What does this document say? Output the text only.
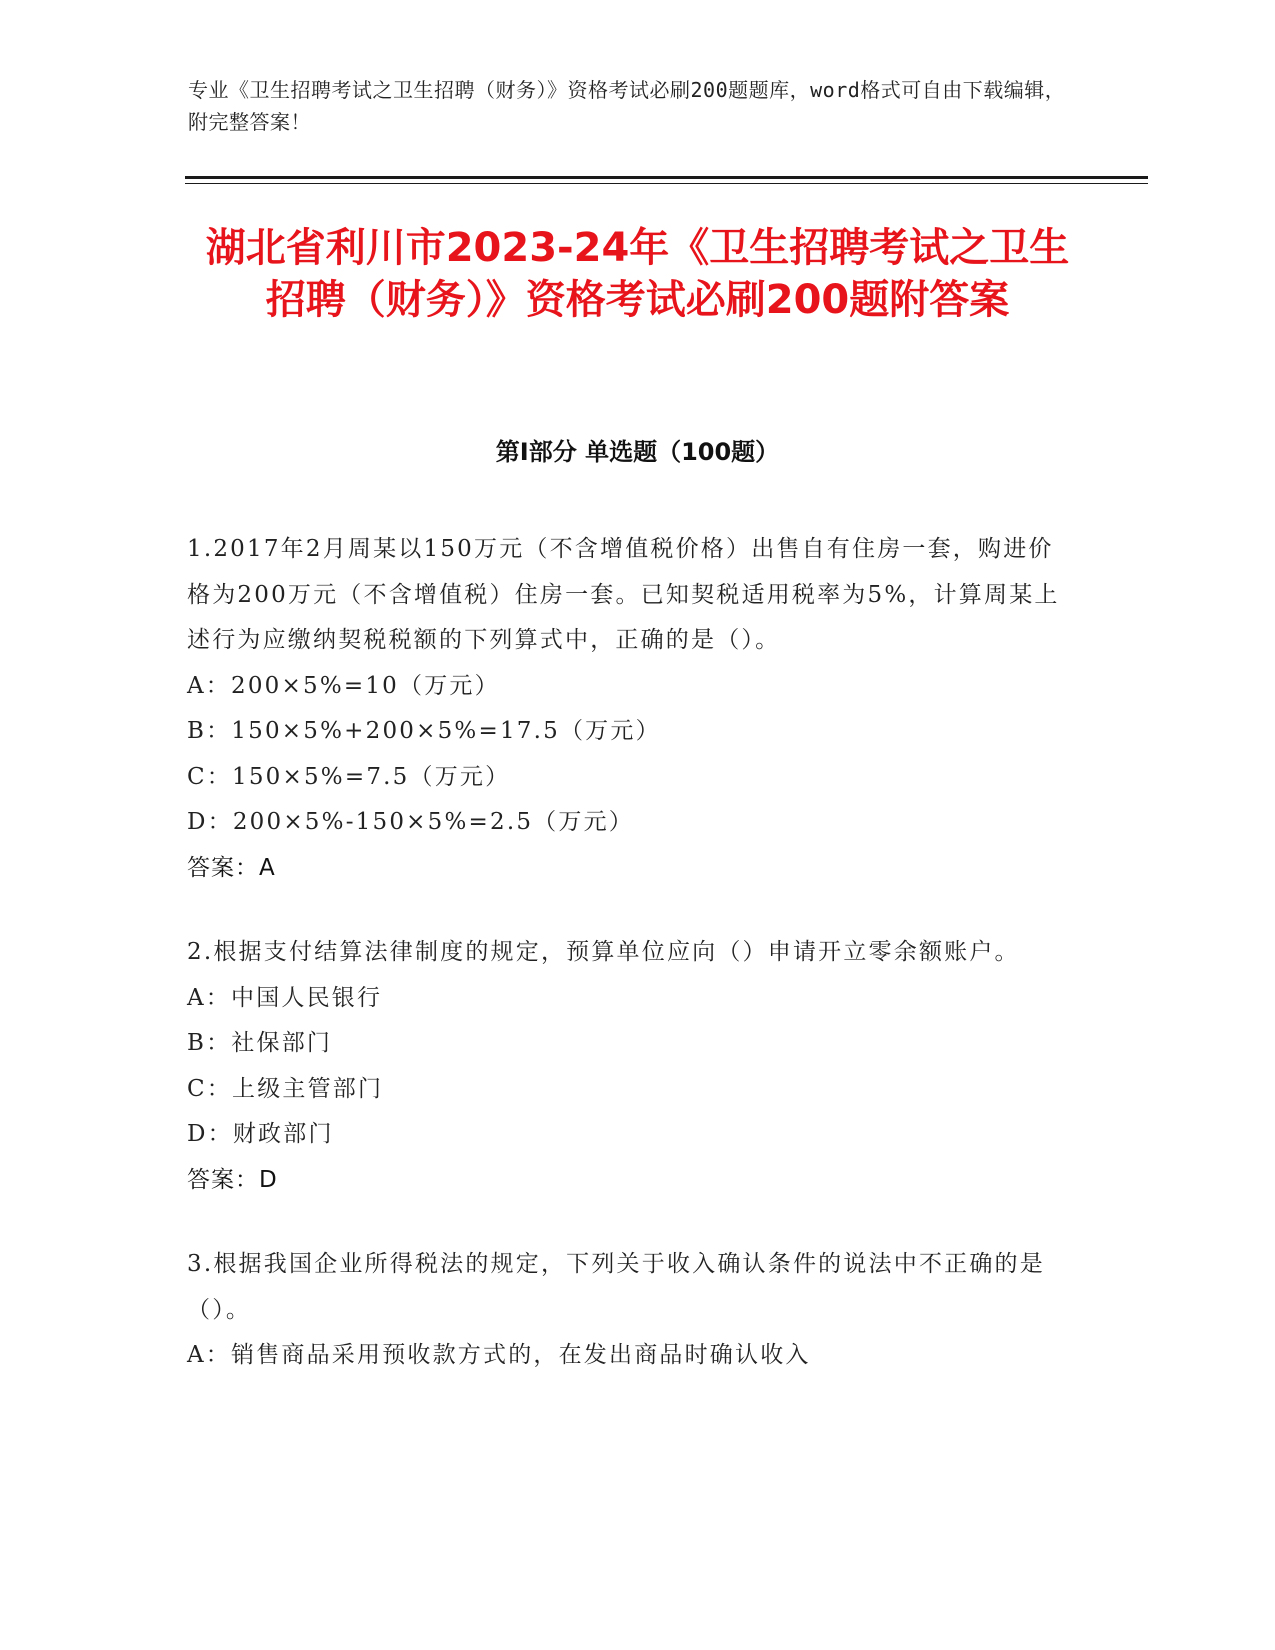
专业《卫生招聘考试之卫生招聘（财务）》资格考试必刷200题题库，word格式可自由下载编辑，附完整答案！
湖北省利川市2023-24年《卫生招聘考试之卫生招聘（财务）》资格考试必刷200题附答案
第I部分 单选题（100题）

1.2017年2月周某以150万元（不含增值税价格）出售自有住房一套，购进价格为200万元（不含增值税）住房一套。已知契税适用税率为5%，计算周某上述行为应缴纳契税税额的下列算式中，正确的是（）。

A：200×5%=10（万元）

B：150×5%+200×5%=17.5（万元）

C：150×5%=7.5（万元）

D：200×5%-150×5%=2.5（万元）

答案：A

2.根据支付结算法律制度的规定，预算单位应向（）申请开立零余额账户。

A：中国人民银行

B：社保部门

C：上级主管部门

D：财政部门

答案：D

3.根据我国企业所得税法的规定，下列关于收入确认条件的说法中不正确的是（）。

A：销售商品采用预收款方式的，在发出商品时确认收入
